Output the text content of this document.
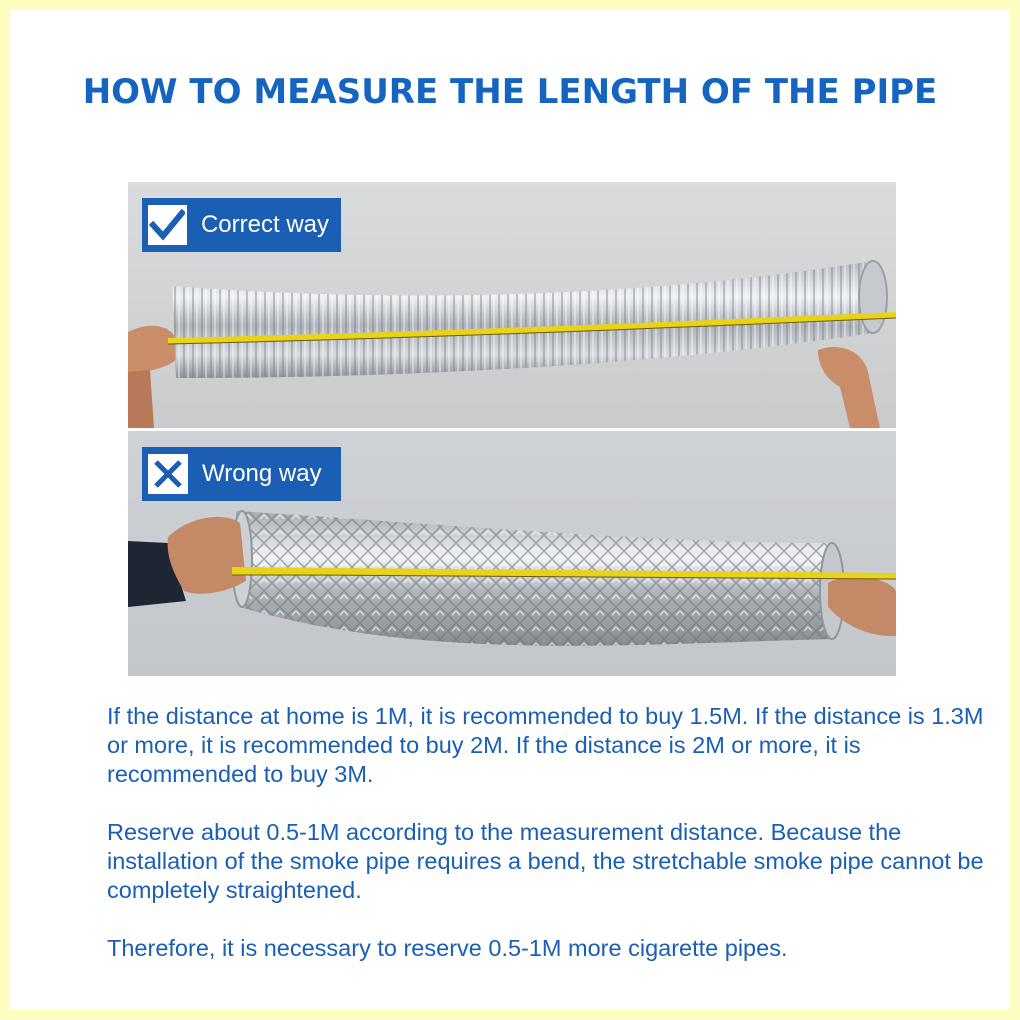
HOW TO MEASURE THE LENGTH OF THE PIPE
Correct way
Wrong way

If the distance at home is 1M, it is recommended to buy 1.5M. If the distance is 1.3M or more, it is recommended to buy 2M. If the distance is 2M or more, it is recommended to buy 3M.

Reserve about 0.5-1M according to the measurement distance. Because the installation of the smoke pipe requires a bend, the stretchable smoke pipe cannot be completely straightened.

Therefore, it is necessary to reserve 0.5-1M more cigarette pipes.
